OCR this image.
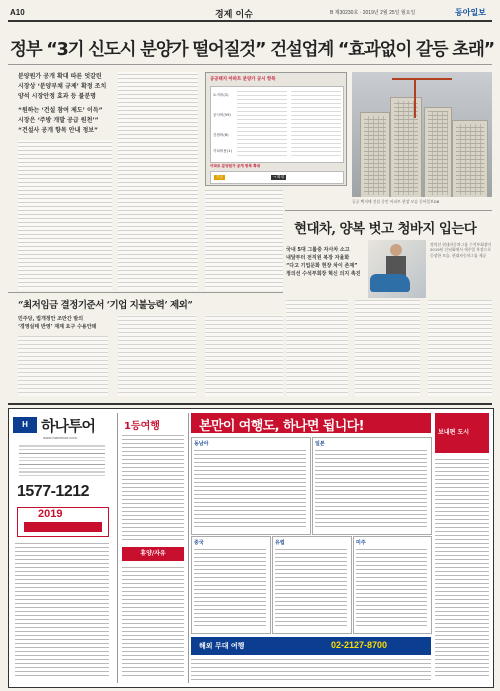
A10	경제 이슈	B 제30230호 · 2019년 2월 25일 월요일	동아일보
정부 “3기 신도시 분양가 떨어질것” 건설업계 “효과없이 갈등 초래”
분양원가 공개 확대 따른 엇갈린
시장상 ‘분양부채 규제’ 확정 조치
양석 시장안정 효과 등 불분명
“원하는 ‘건설 참여 제도’ 이득”
시장은 ‘주방 개발 공급 원천’”
“건설사 공개 항목 안내 정보”
공공택지 아파트 분양가 공시 항목
토지비(2)
공사비(59)
간접비(6)
기타비용(1)
아파트 분양원가 공개 항목 확대
기존	→ 확대
공공 택지에 건설 중인 아파트 현장 모습 동아일보DB
현대차, 양복 벗고 청바지 입는다
국내 5대 그룹중 자사차 소고
내달부터 전직원 복장 자율화
“다고 기업문화 현장 차이 존재”
정의선 수석부회장 혁신 의지 촉진
정의선 현대자동차그룹 수석부회장이 2019년 신년회에서 캐주얼 복장으로 등장한 모습. 현대자동차그룹 제공
“최저임금 결정기준서 ‘기업 지불능력’ 제외”
민주당, 법개정안 조만간 발의
‘경영실태 반영’ 재계 요구 수용안돼
H 하나투어
www.hanatour.com
1577-1212
2019
1등여행
휴양/자유
본만이 여행도, 하나면 됩니다!
동남아	일본
중국	유럽	미주
해외 무대 여행	02-2127-8700
보내편 도시
